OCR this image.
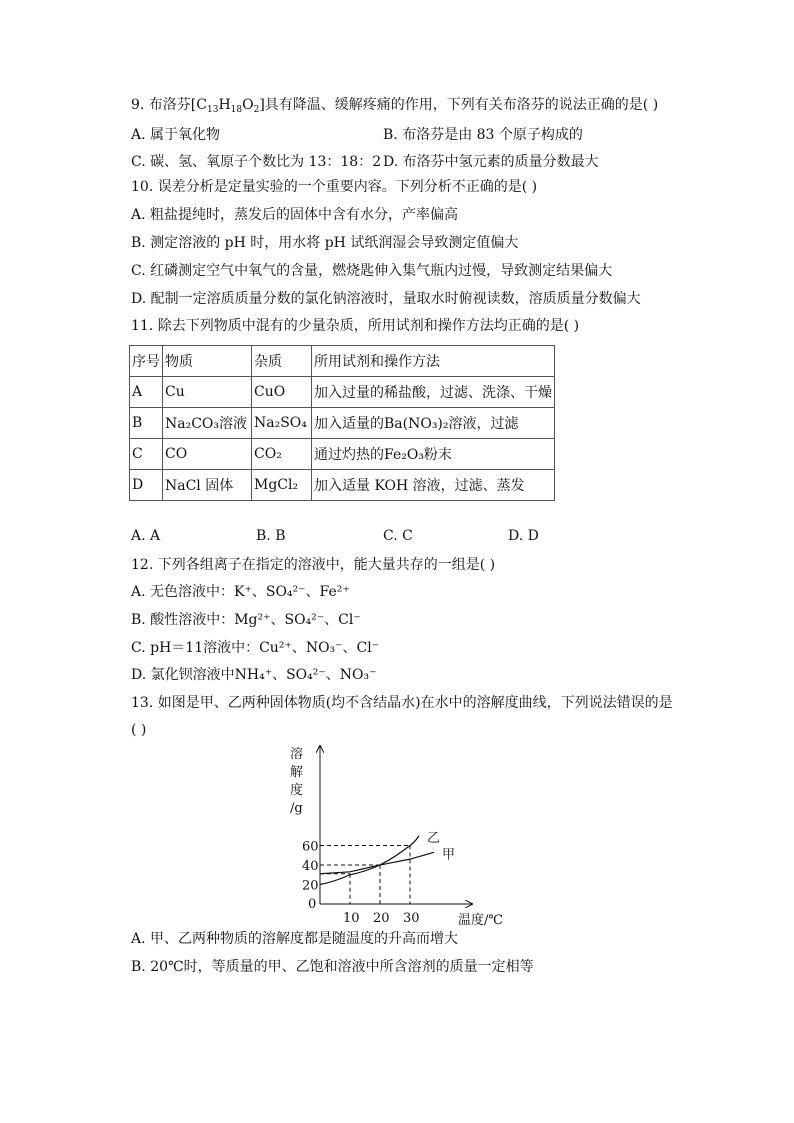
9. 布洛芬$[C_{13}H_{18}O_2]$具有降温、缓解疼痛的作用，下列有关布洛芬的说法正确的是( )
A. 属于氧化物	B. 布洛芬是由 83 个原子构成的
C. 碳、氢、氧原子个数比为 13：18：2 D. 布洛芬中氢元素的质量分数最大
10. 误差分析是定量实验的一个重要内容。下列分析不正确的是( )
A. 粗盐提纯时，蒸发后的固体中含有水分，产率偏高
B. 测定溶液的 pH 时，用水将 pH 试纸润湿会导致测定值偏大
C. 红磷测定空气中氧气的含量，燃烧匙伸入集气瓶内过慢，导致测定结果偏大
D. 配制一定溶质质量分数的氯化钠溶液时，量取水时俯视读数，溶质质量分数偏大
11. 除去下列物质中混有的少量杂质，所用试剂和操作方法均正确的是( )
序号	物质	杂质	所用试剂和操作方法
A	Cu	CuO	加入过量的稀盐酸，过滤、洗涤、干燥
B	Na₂CO₃溶液	Na₂SO₄	加入适量的Ba(NO₃)₂溶液，过滤
C	CO	CO₂	通过灼热的Fe₂O₃粉末
D	NaCl 固体	MgCl₂	加入适量 KOH 溶液，过滤、蒸发
A. A	B. B	C. C	D. D
12. 下列各组离子在指定的溶液中，能大量共存的一组是( )
A. 无色溶液中：K⁺、SO₄²⁻、Fe²⁺
B. 酸性溶液中：Mg²⁺、SO₄²⁻、Cl⁻
C. pH＝11溶液中：Cu²⁺、NO₃⁻、Cl⁻
D. 氯化钡溶液中NH₄⁺、SO₄²⁻、NO₃⁻
13. 如图是甲、乙两种固体物质(均不含结晶水)在水中的溶解度曲线，下列说法错误的是
( )
乙
甲
10 20 30
20
40
60
0
溶
解
度
/g
温度/℃
A. 甲、乙两种物质的溶解度都是随温度的升高而增大
B. 20℃时，等质量的甲、乙饱和溶液中所含溶剂的质量一定相等
